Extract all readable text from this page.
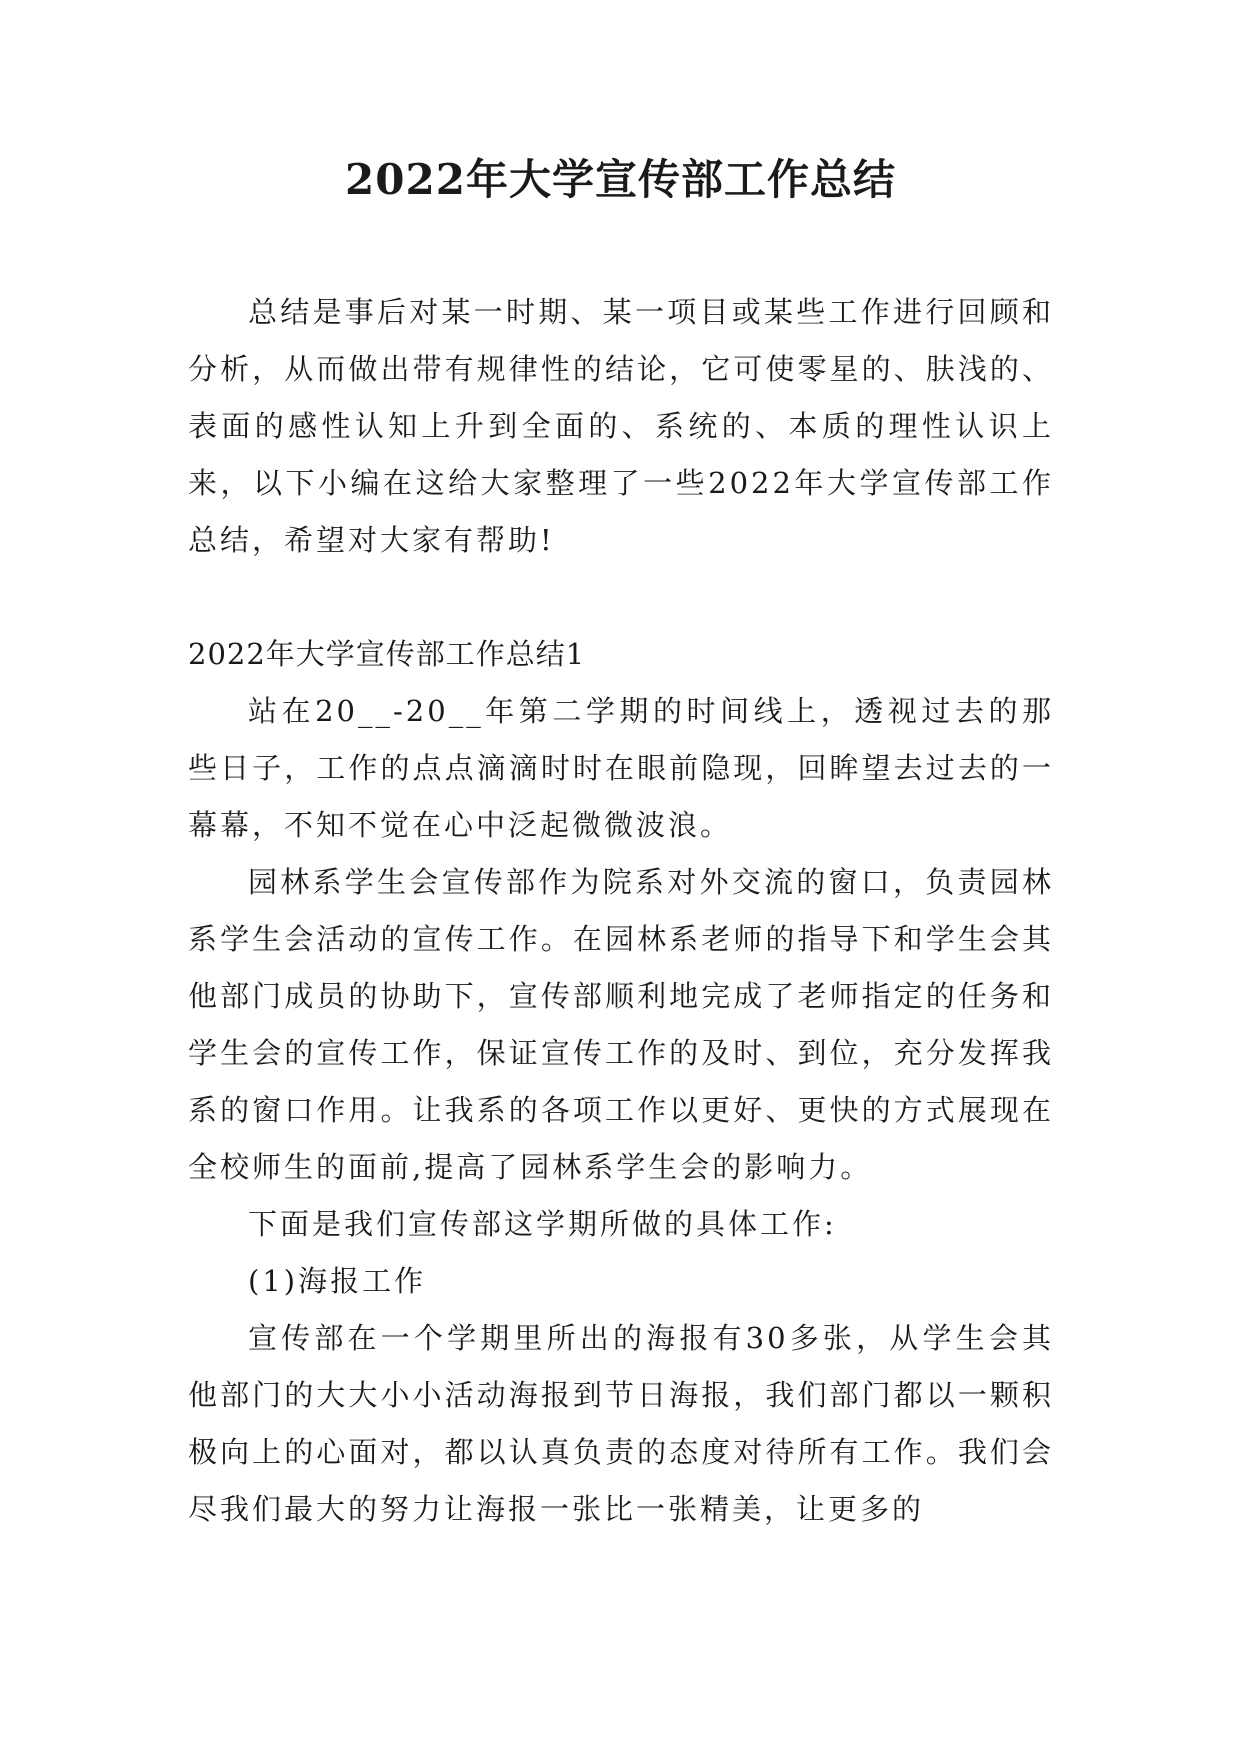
2022年大学宣传部工作总结

总结是事后对某一时期、某一项目或某些工作进行回顾和分析，从而做出带有规律性的结论，它可使零星的、肤浅的、表面的感性认知上升到全面的、系统的、本质的理性认识上来，以下小编在这给大家整理了一些2022年大学宣传部工作总结，希望对大家有帮助!

2022年大学宣传部工作总结1

站在20__-20__年第二学期的时间线上，透视过去的那些日子，工作的点点滴滴时时在眼前隐现，回眸望去过去的一幕幕，不知不觉在心中泛起微微波浪。

园林系学生会宣传部作为院系对外交流的窗口，负责园林系学生会活动的宣传工作。在园林系老师的指导下和学生会其他部门成员的协助下，宣传部顺利地完成了老师指定的任务和学生会的宣传工作，保证宣传工作的及时、到位，充分发挥我系的窗口作用。让我系的各项工作以更好、更快的方式展现在全校师生的面前,提高了园林系学生会的影响力。

下面是我们宣传部这学期所做的具体工作:

(1)海报工作

宣传部在一个学期里所出的海报有30多张，从学生会其他部门的大大小小活动海报到节日海报，我们部门都以一颗积极向上的心面对，都以认真负责的态度对待所有工作。我们会尽我们最大的努力让海报一张比一张精美，让更多的
